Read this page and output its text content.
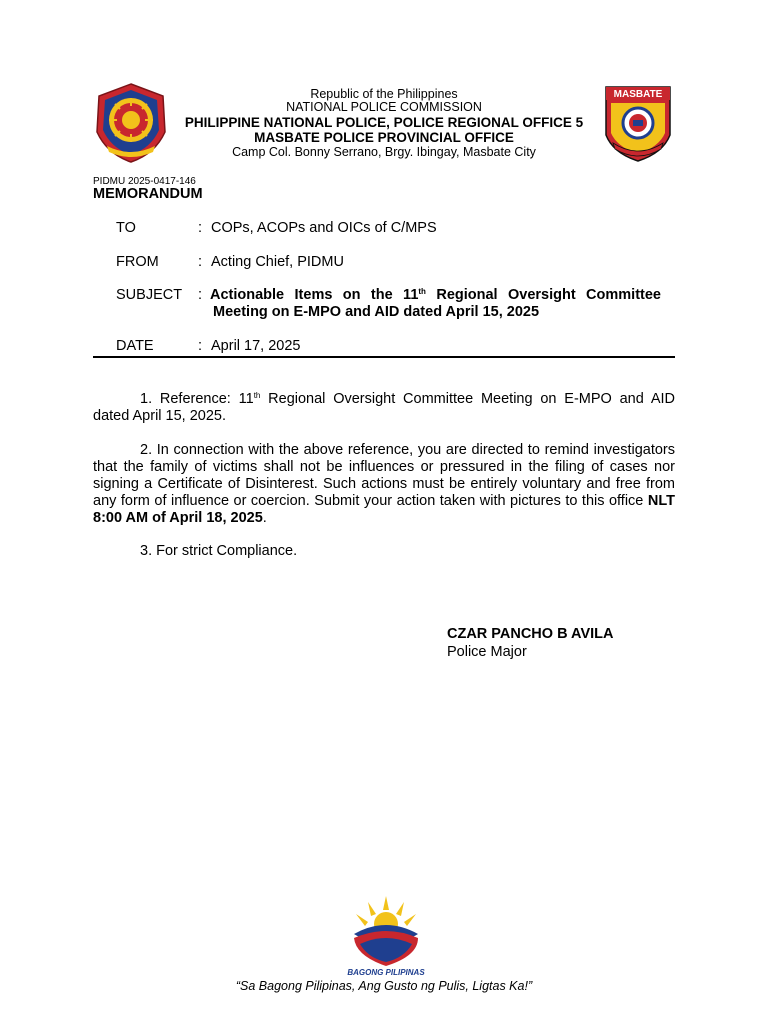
Republic of the Philippines
NATIONAL POLICE COMMISSION
PHILIPPINE NATIONAL POLICE, POLICE REGIONAL OFFICE 5
MASBATE POLICE PROVINCIAL OFFICE
Camp Col. Bonny Serrano, Brgy. Ibingay, Masbate City
MASBATE
PIDMU 2025-0417-146
MEMORANDUM
TO	: COPs, ACOPs and OICs of C/MPS
FROM	: Acting Chief, PIDMU
SUBJECT : Actionable Items on the 11th Regional Oversight Committee
Meeting on E-MPO and AID dated April 15, 2025
DATE	: April 17, 2025
1. Reference: 11th Regional Oversight Committee Meeting on E-MPO and AID dated April 15, 2025.
2. In connection with the above reference, you are directed to remind investigators that the family of victims shall not be influences or pressured in the filing of cases nor signing a Certificate of Disinterest. Such actions must be entirely voluntary and free from any form of influence or coercion. Submit your action taken with pictures to this office NLT 8:00 AM of April 18, 2025.
3. For strict Compliance.
CZAR PANCHO B AVILA
Police Major
BAGONG PILIPINAS
“Sa Bagong Pilipinas, Ang Gusto ng Pulis, Ligtas Ka!”
